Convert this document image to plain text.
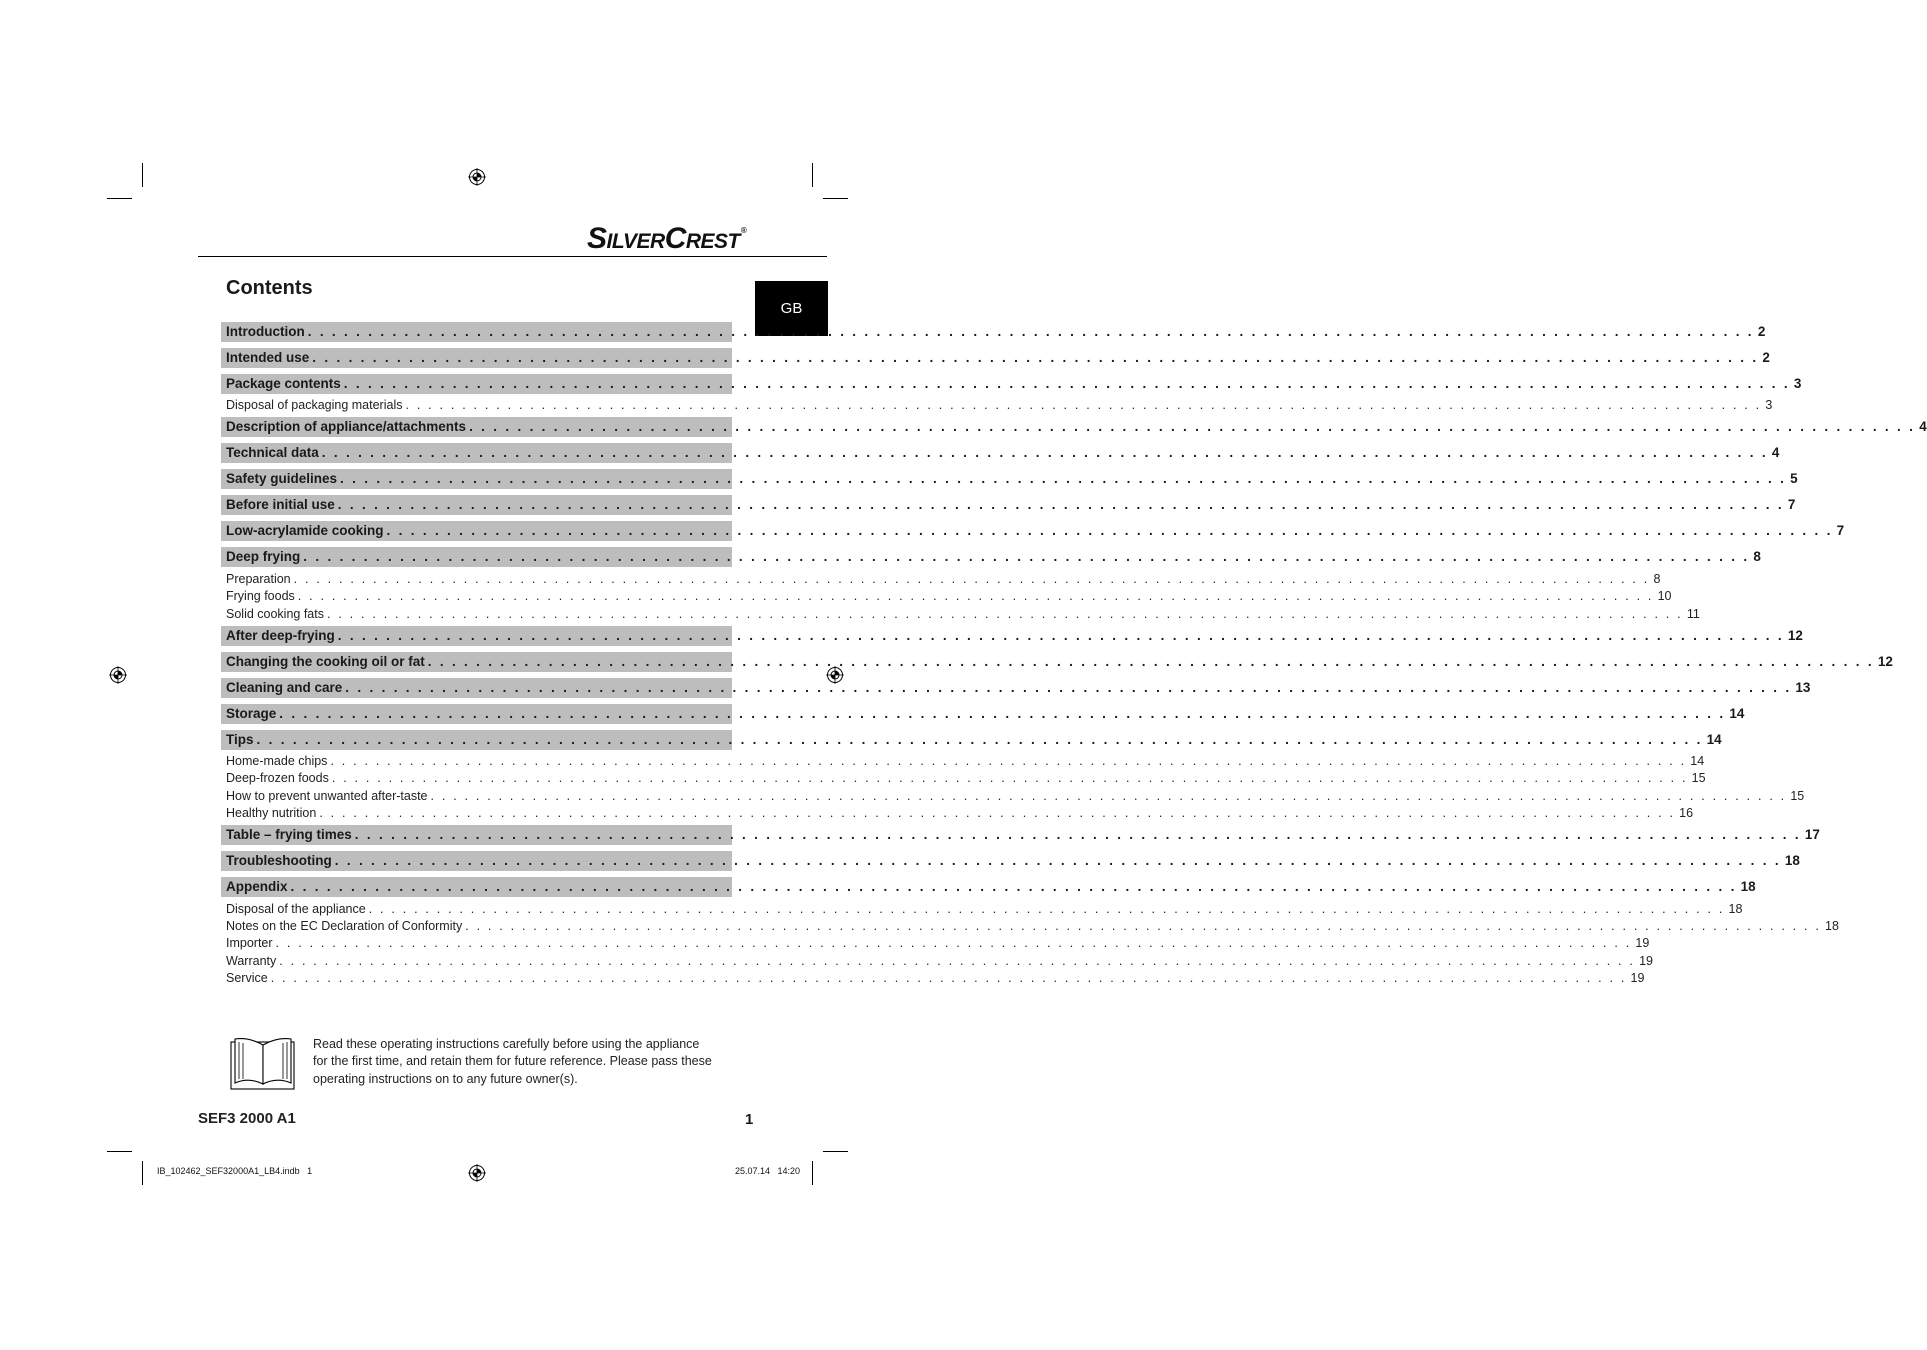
SILVERCREST®
GB
Contents
Introduction . . . . . . . . . . . . . . . . . . . . . . . . . . . . . . . . . . . . . . . . . . . . . . . . . . . . . . . . . . . . . . . . . . . . . . . . . . . . . . . . . . . . . . . . . . . . . . . . . . . . . . . . . . . . . . . . . . . . . . . . 2
Intended use . . . . . . . . . . . . . . . . . . . . . . . . . . . . . . . . . . . . . . . . . . . . . . . . . . . . . . . . . . . . . . . . . . . . . . . . . . . . . . . . . . . . . . . . . . . . . . . . . . . . . . . . . . . . . . . . . . . . . . . . 2
Package contents . . . . . . . . . . . . . . . . . . . . . . . . . . . . . . . . . . . . . . . . . . . . . . . . . . . . . . . . . . . . . . . . . . . . . . . . . . . . . . . . . . . . . . . . . . . . . . . . . . . . . . . . . . . . . . . . . . . . . . . . 3
Disposal of packaging materials . . . . . . . . . . . . . . . . . . . . . . . . . . . . . . . . . . . . . . . . . . . . . . . . . . . . . . . . . . . . . . . . . . . . . . . . . . . . . . . . . . . . . . . . . . . . . . . . . . . . . . . . . . . . . . . . . . . . . . . . 3
Description of appliance/attachments . . . . . . . . . . . . . . . . . . . . . . . . . . . . . . . . . . . . . . . . . . . . . . . . . . . . . . . . . . . . . . . . . . . . . . . . . . . . . . . . . . . . . . . . . . . . . . . . . . . . . . . . . . . . . . . . . . . . . . . . 4
Technical data . . . . . . . . . . . . . . . . . . . . . . . . . . . . . . . . . . . . . . . . . . . . . . . . . . . . . . . . . . . . . . . . . . . . . . . . . . . . . . . . . . . . . . . . . . . . . . . . . . . . . . . . . . . . . . . . . . . . . . . . 4
Safety guidelines . . . . . . . . . . . . . . . . . . . . . . . . . . . . . . . . . . . . . . . . . . . . . . . . . . . . . . . . . . . . . . . . . . . . . . . . . . . . . . . . . . . . . . . . . . . . . . . . . . . . . . . . . . . . . . . . . . . . . . . . 5
Before initial use . . . . . . . . . . . . . . . . . . . . . . . . . . . . . . . . . . . . . . . . . . . . . . . . . . . . . . . . . . . . . . . . . . . . . . . . . . . . . . . . . . . . . . . . . . . . . . . . . . . . . . . . . . . . . . . . . . . . . . . . 7
Low-acrylamide cooking . . . . . . . . . . . . . . . . . . . . . . . . . . . . . . . . . . . . . . . . . . . . . . . . . . . . . . . . . . . . . . . . . . . . . . . . . . . . . . . . . . . . . . . . . . . . . . . . . . . . . . . . . . . . . . . . . . . . . . . . 7
Deep frying . . . . . . . . . . . . . . . . . . . . . . . . . . . . . . . . . . . . . . . . . . . . . . . . . . . . . . . . . . . . . . . . . . . . . . . . . . . . . . . . . . . . . . . . . . . . . . . . . . . . . . . . . . . . . . . . . . . . . . . . 8
Preparation . . . . . . . . . . . . . . . . . . . . . . . . . . . . . . . . . . . . . . . . . . . . . . . . . . . . . . . . . . . . . . . . . . . . . . . . . . . . . . . . . . . . . . . . . . . . . . . . . . . . . . . . . . . . . . . . . . . . . . . . 8
Frying foods . . . . . . . . . . . . . . . . . . . . . . . . . . . . . . . . . . . . . . . . . . . . . . . . . . . . . . . . . . . . . . . . . . . . . . . . . . . . . . . . . . . . . . . . . . . . . . . . . . . . . . . . . . . . . . . . . . . . . . . . 10
Solid cooking fats . . . . . . . . . . . . . . . . . . . . . . . . . . . . . . . . . . . . . . . . . . . . . . . . . . . . . . . . . . . . . . . . . . . . . . . . . . . . . . . . . . . . . . . . . . . . . . . . . . . . . . . . . . . . . . . . . . . . . . . . 11
After deep-frying . . . . . . . . . . . . . . . . . . . . . . . . . . . . . . . . . . . . . . . . . . . . . . . . . . . . . . . . . . . . . . . . . . . . . . . . . . . . . . . . . . . . . . . . . . . . . . . . . . . . . . . . . . . . . . . . . . . . . . . . 12
Changing the cooking oil or fat . . . . . . . . . . . . . . . . . . . . . . . . . . . . . . . . . . . . . . . . . . . . . . . . . . . . . . . . . . . . . . . . . . . . . . . . . . . . . . . . . . . . . . . . . . . . . . . . . . . . . . . . . . . . . . . . . . . . . . . . 12
Cleaning and care . . . . . . . . . . . . . . . . . . . . . . . . . . . . . . . . . . . . . . . . . . . . . . . . . . . . . . . . . . . . . . . . . . . . . . . . . . . . . . . . . . . . . . . . . . . . . . . . . . . . . . . . . . . . . . . . . . . . . . . . 13
Storage . . . . . . . . . . . . . . . . . . . . . . . . . . . . . . . . . . . . . . . . . . . . . . . . . . . . . . . . . . . . . . . . . . . . . . . . . . . . . . . . . . . . . . . . . . . . . . . . . . . . . . . . . . . . . . . . . . . . . . . . 14
Tips . . . . . . . . . . . . . . . . . . . . . . . . . . . . . . . . . . . . . . . . . . . . . . . . . . . . . . . . . . . . . . . . . . . . . . . . . . . . . . . . . . . . . . . . . . . . . . . . . . . . . . . . . . . . . . . . . . . . . . . . 14
Home-made chips . . . . . . . . . . . . . . . . . . . . . . . . . . . . . . . . . . . . . . . . . . . . . . . . . . . . . . . . . . . . . . . . . . . . . . . . . . . . . . . . . . . . . . . . . . . . . . . . . . . . . . . . . . . . . . . . . . . . . . . . 14
Deep-frozen foods . . . . . . . . . . . . . . . . . . . . . . . . . . . . . . . . . . . . . . . . . . . . . . . . . . . . . . . . . . . . . . . . . . . . . . . . . . . . . . . . . . . . . . . . . . . . . . . . . . . . . . . . . . . . . . . . . . . . . . . . 15
How to prevent unwanted after-taste . . . . . . . . . . . . . . . . . . . . . . . . . . . . . . . . . . . . . . . . . . . . . . . . . . . . . . . . . . . . . . . . . . . . . . . . . . . . . . . . . . . . . . . . . . . . . . . . . . . . . . . . . . . . . . . . . . . . . . . . 15
Healthy nutrition . . . . . . . . . . . . . . . . . . . . . . . . . . . . . . . . . . . . . . . . . . . . . . . . . . . . . . . . . . . . . . . . . . . . . . . . . . . . . . . . . . . . . . . . . . . . . . . . . . . . . . . . . . . . . . . . . . . . . . . . 16
Table – frying times . . . . . . . . . . . . . . . . . . . . . . . . . . . . . . . . . . . . . . . . . . . . . . . . . . . . . . . . . . . . . . . . . . . . . . . . . . . . . . . . . . . . . . . . . . . . . . . . . . . . . . . . . . . . . . . . . . . . . . . . 17
Troubleshooting . . . . . . . . . . . . . . . . . . . . . . . . . . . . . . . . . . . . . . . . . . . . . . . . . . . . . . . . . . . . . . . . . . . . . . . . . . . . . . . . . . . . . . . . . . . . . . . . . . . . . . . . . . . . . . . . . . . . . . . . 18
Appendix . . . . . . . . . . . . . . . . . . . . . . . . . . . . . . . . . . . . . . . . . . . . . . . . . . . . . . . . . . . . . . . . . . . . . . . . . . . . . . . . . . . . . . . . . . . . . . . . . . . . . . . . . . . . . . . . . . . . . . . . 18
Disposal of the appliance . . . . . . . . . . . . . . . . . . . . . . . . . . . . . . . . . . . . . . . . . . . . . . . . . . . . . . . . . . . . . . . . . . . . . . . . . . . . . . . . . . . . . . . . . . . . . . . . . . . . . . . . . . . . . . . . . . . . . . . . 18
Notes on the EC Declaration of Conformity . . . . . . . . . . . . . . . . . . . . . . . . . . . . . . . . . . . . . . . . . . . . . . . . . . . . . . . . . . . . . . . . . . . . . . . . . . . . . . . . . . . . . . . . . . . . . . . . . . . . . . . . . . . . . . . . . . . . . . . . 18
Importer . . . . . . . . . . . . . . . . . . . . . . . . . . . . . . . . . . . . . . . . . . . . . . . . . . . . . . . . . . . . . . . . . . . . . . . . . . . . . . . . . . . . . . . . . . . . . . . . . . . . . . . . . . . . . . . . . . . . . . . . 19
Warranty . . . . . . . . . . . . . . . . . . . . . . . . . . . . . . . . . . . . . . . . . . . . . . . . . . . . . . . . . . . . . . . . . . . . . . . . . . . . . . . . . . . . . . . . . . . . . . . . . . . . . . . . . . . . . . . . . . . . . . . . 19
Service . . . . . . . . . . . . . . . . . . . . . . . . . . . . . . . . . . . . . . . . . . . . . . . . . . . . . . . . . . . . . . . . . . . . . . . . . . . . . . . . . . . . . . . . . . . . . . . . . . . . . . . . . . . . . . . . . . . . . . . . 19
Read these operating instructions carefully before using the appliance for the first time, and retain them for future reference. Please pass these operating instructions on to any future owner(s).
SEF3 2000 A1	1
IB_102462_SEF32000A1_LB4.indb   1	25.07.14   14:20
